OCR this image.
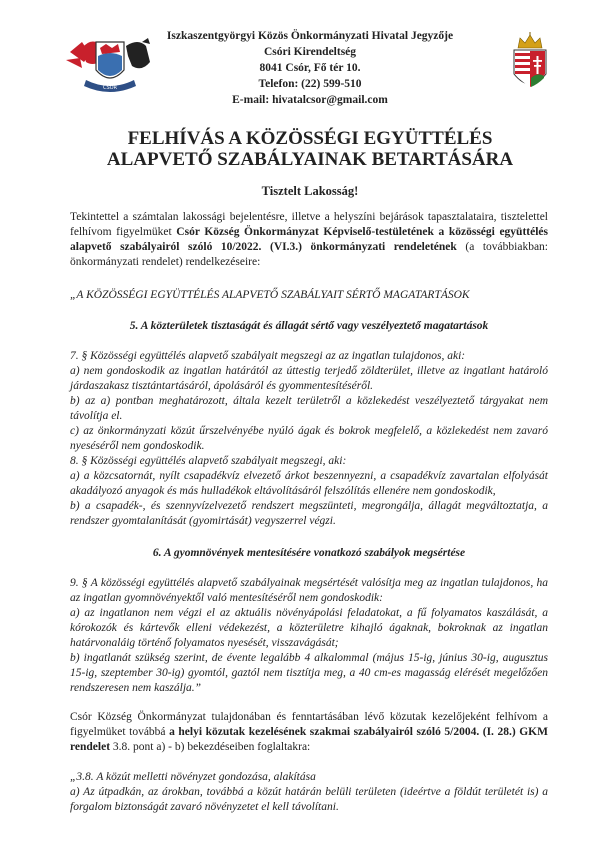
CSÓR
Iszkaszentgyörgyi Közös Önkormányzati Hivatal Jegyzője
Csóri Kirendeltség
8041 Csór, Fő tér 10.
Telefon: (22) 599-510
E-mail: hivatalcsor@gmail.com
FELHÍVÁS A KÖZÖSSÉGI EGYÜTTÉLÉS
ALAPVETŐ SZABÁLYAINAK BETARTÁSÁRA
Tisztelt Lakosság!

Tekintettel a számtalan lakossági bejelentésre, illetve a helyszíni bejárások tapasztalataira, tisztelettel felhívom figyelmüket Csór Község Önkormányzat Képviselő-testületének a közösségi együttélés alapvető szabályairól szóló 10/2022. (VI.3.) önkormányzati rendeletének (a továbbiakban: önkormányzati rendelet) rendelkezéseire:

„A KÖZÖSSÉGI EGYÜTTÉLÉS ALAPVETŐ SZABÁLYAIT SÉRTŐ MAGATARTÁSOK
5. A közterületek tisztaságát és állagát sértő vagy veszélyeztető magatartások

7. § Közösségi együttélés alapvető szabályait megszegi az az ingatlan tulajdonos, aki:

a) nem gondoskodik az ingatlan határától az úttestig terjedő zöldterület, illetve az ingatlant határoló járdaszakasz tisztántartásáról, ápolásáról és gyommentesítéséről.

b) az a) pontban meghatározott, általa kezelt területről a közlekedést veszélyeztető tárgyakat nem távolítja el.

c) az önkormányzati közút űrszelvényébe nyúló ágak és bokrok megfelelő, a közlekedést nem zavaró nyeséséről nem gondoskodik.

8. § Közösségi együttélés alapvető szabályait megszegi, aki:

a) a közcsatornát, nyílt csapadékvíz elvezető árkot beszennyezni, a csapadékvíz zavartalan elfolyását akadályozó anyagok és más hulladékok eltávolításáról felszólítás ellenére nem gondoskodik,

b) a csapadék-, és szennyvízelvezető rendszert megszünteti, megrongálja, állagát megváltoztatja, a rendszer gyomtalanítását (gyomirtását) vegyszerrel végzi.

6. A gyomnövények mentesítésére vonatkozó szabályok megsértése

9. § A közösségi együttélés alapvető szabályainak megsértését valósítja meg az ingatlan tulajdonos, ha az ingatlan gyomnövényektől való mentesítéséről nem gondoskodik:

a) az ingatlanon nem végzi el az aktuális növényápolási feladatokat, a fű folyamatos kaszálását, a kórokozók és kártevők elleni védekezést, a közterületre kihajló ágaknak, bokroknak az ingatlan határvonaláig történő folyamatos nyesését, visszavágását;

b) ingatlanát szükség szerint, de évente legalább 4 alkalommal (május 15-ig, június 30-ig, augusztus 15-ig, szeptember 30-ig) gyomtól, gaztól nem tisztítja meg, a 40 cm-es magasság elérését megelőzően rendszeresen nem kaszálja.”

Csór Község Önkormányzat tulajdonában és fenntartásában lévő közutak kezelőjeként felhívom a figyelmüket továbbá a helyi közutak kezelésének szakmai szabályairól szóló 5/2004. (I. 28.) GKM rendelet 3.8. pont a) - b) bekezdéseiben foglaltakra:

„3.8. A közút melletti növényzet gondozása, alakítása

a) Az útpadkán, az árokban, továbbá a közút határán belüli területen (ideértve a földút területét is) a forgalom biztonságát zavaró növényzetet el kell távolítani.
